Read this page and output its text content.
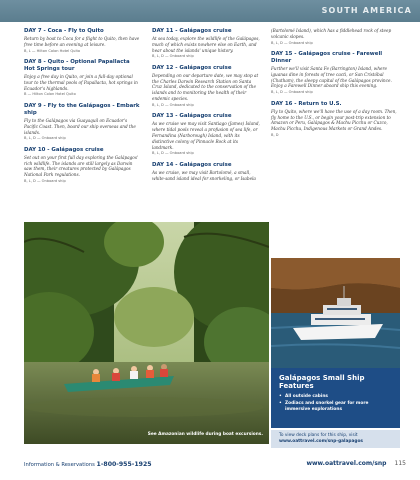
SOUTH AMERICA
DAY 7 - Coca - Fly to Quito

Return by boat to Coca for a flight to Quito, then have free time before an evening at leisure.

B, L — Hilton Colon Hotel Quito

DAY 8 - Quito - Optional Papallacta Hot Springs tour

Enjoy a free day in Quito, or join a full-day optional tour to the thermal pools of Papallacta, hot springs in Ecuador's highlands.

B — Hilton Colon Hotel Quito

DAY 9 - Fly to the Galápagos - Embark ship

Fly to the Galápagos via Guayaquil on Ecuador's Pacific Coast. Then, board our ship overseas and the islands.

B, L, D — Onboard ship

DAY 10 - Galápagos cruise

Set out on your first full day exploring the Galápagos' rich wildlife. The islands are still largely as Darwin saw them, their creatures protected by Galápagos National Park regulations.

B, L, D — Onboard ship

DAY 11 - Galápagos cruise

At sea today, explore the wildlife of the Galápagos, much of which exists nowhere else on Earth, and hear about the islands' unique history.

B, L, D — Onboard ship

DAY 12 - Galápagos cruise

Depending on our departure date, we may stop at the Charles Darwin Research Station on Santa Cruz Island, dedicated to the conservation of the islands and to monitoring the health of their endemic species.

B, L, D — Onboard ship

DAY 13 - Galápagos cruise

As we cruise we may visit Santiago (James) Island, where tidal pools reveal a profusion of sea life, or Fernandina (Narborough) Island, with its distinctive colony of Pinnacle Rock at its landmark.

B, L, D — Onboard ship

DAY 14 - Galápagos cruise

As we cruise, we may visit Bartolomé, a small, white-sand island ideal for snorkeling, or Isabela

(Bartolomé Island), which has a fiddlehead rock of steep volcanic slopes.

B, L, D — Onboard ship

DAY 15 - Galápagos cruise - Farewell Dinner

Further we'll visit Santa Fe (Barrington) Island, where iguanas dine in forests of tree cacti, or San Cristóbal (Chatham), the sleepy capital of the Galápagos province. Enjoy a Farewell Dinner aboard ship this evening.

B, L, D — Onboard ship

DAY 16 - Return to U.S.

Fly to Quito, where we'll have the use of a day room. Then, fly home to the U.S., or begin your post-trip extension to Amazon or Peru, Galápagos & Machu Picchu or Cuzco, Machu Picchu, Indigenous Markets or Grand Andes.

B, D

See Amazonian wildlife during boat excursions.
Galápagos Small Ship Features
• All outside cabins
• Zodiacs and snorkel gear for more immersive explorations

To view deck plans for this ship, visit

www.oattravel.com/snp-galapagos

Information & Reservations 1-800-955-1925	www.oattravel.com/snp 115
